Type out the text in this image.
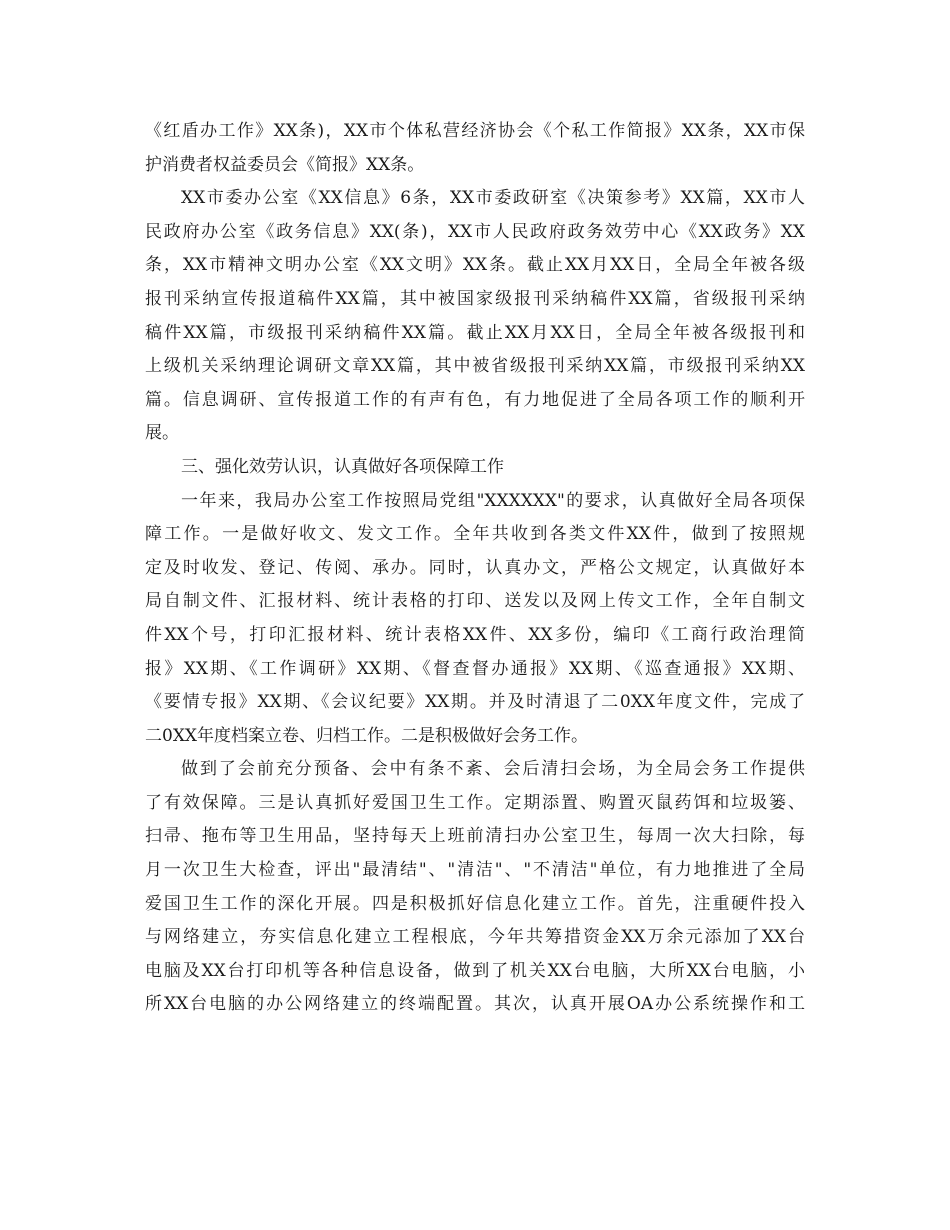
《红盾办工作》XX条)，XX市个体私营经济协会《个私工作简报》XX条，XX市保
护消费者权益委员会《简报》XX条。
XX市委办公室《XX信息》6条，XX市委政研室《决策参考》XX篇，XX市人
民政府办公室《政务信息》XX(条)，XX市人民政府政务效劳中心《XX政务》XX
条，XX市精神文明办公室《XX文明》XX条。截止XX月XX日，全局全年被各级
报刊采纳宣传报道稿件XX篇，其中被国家级报刊采纳稿件XX篇，省级报刊采纳
稿件XX篇，市级报刊采纳稿件XX篇。截止XX月XX日，全局全年被各级报刊和
上级机关采纳理论调研文章XX篇，其中被省级报刊采纳XX篇，市级报刊采纳XX
篇。信息调研、宣传报道工作的有声有色，有力地促进了全局各项工作的顺利开
展。
三、强化效劳认识，认真做好各项保障工作
一年来，我局办公室工作按照局党组"XXXXXX"的要求，认真做好全局各项保
障工作。一是做好收文、发文工作。全年共收到各类文件XX件，做到了按照规
定及时收发、登记、传阅、承办。同时，认真办文，严格公文规定，认真做好本
局自制文件、汇报材料、统计表格的打印、送发以及网上传文工作，全年自制文
件XX个号，打印汇报材料、统计表格XX件、XX多份，编印《工商行政治理简
报》XX期、《工作调研》XX期、《督查督办通报》XX期、《巡查通报》XX期、
《要情专报》XX期、《会议纪要》XX期。并及时清退了二0XX年度文件，完成了
二0XX年度档案立卷、归档工作。二是积极做好会务工作。
做到了会前充分预备、会中有条不紊、会后清扫会场，为全局会务工作提供
了有效保障。三是认真抓好爱国卫生工作。定期添置、购置灭鼠药饵和垃圾篓、
扫帚、拖布等卫生用品，坚持每天上班前清扫办公室卫生，每周一次大扫除，每
月一次卫生大检查，评出"最清结"、"清洁"、"不清洁"单位，有力地推进了全局
爱国卫生工作的深化开展。四是积极抓好信息化建立工作。首先，注重硬件投入
与网络建立，夯实信息化建立工程根底，今年共筹措资金XX万余元添加了XX台
电脑及XX台打印机等各种信息设备，做到了机关XX台电脑，大所XX台电脑，小
所XX台电脑的办公网络建立的终端配置。其次，认真开展OA办公系统操作和工
